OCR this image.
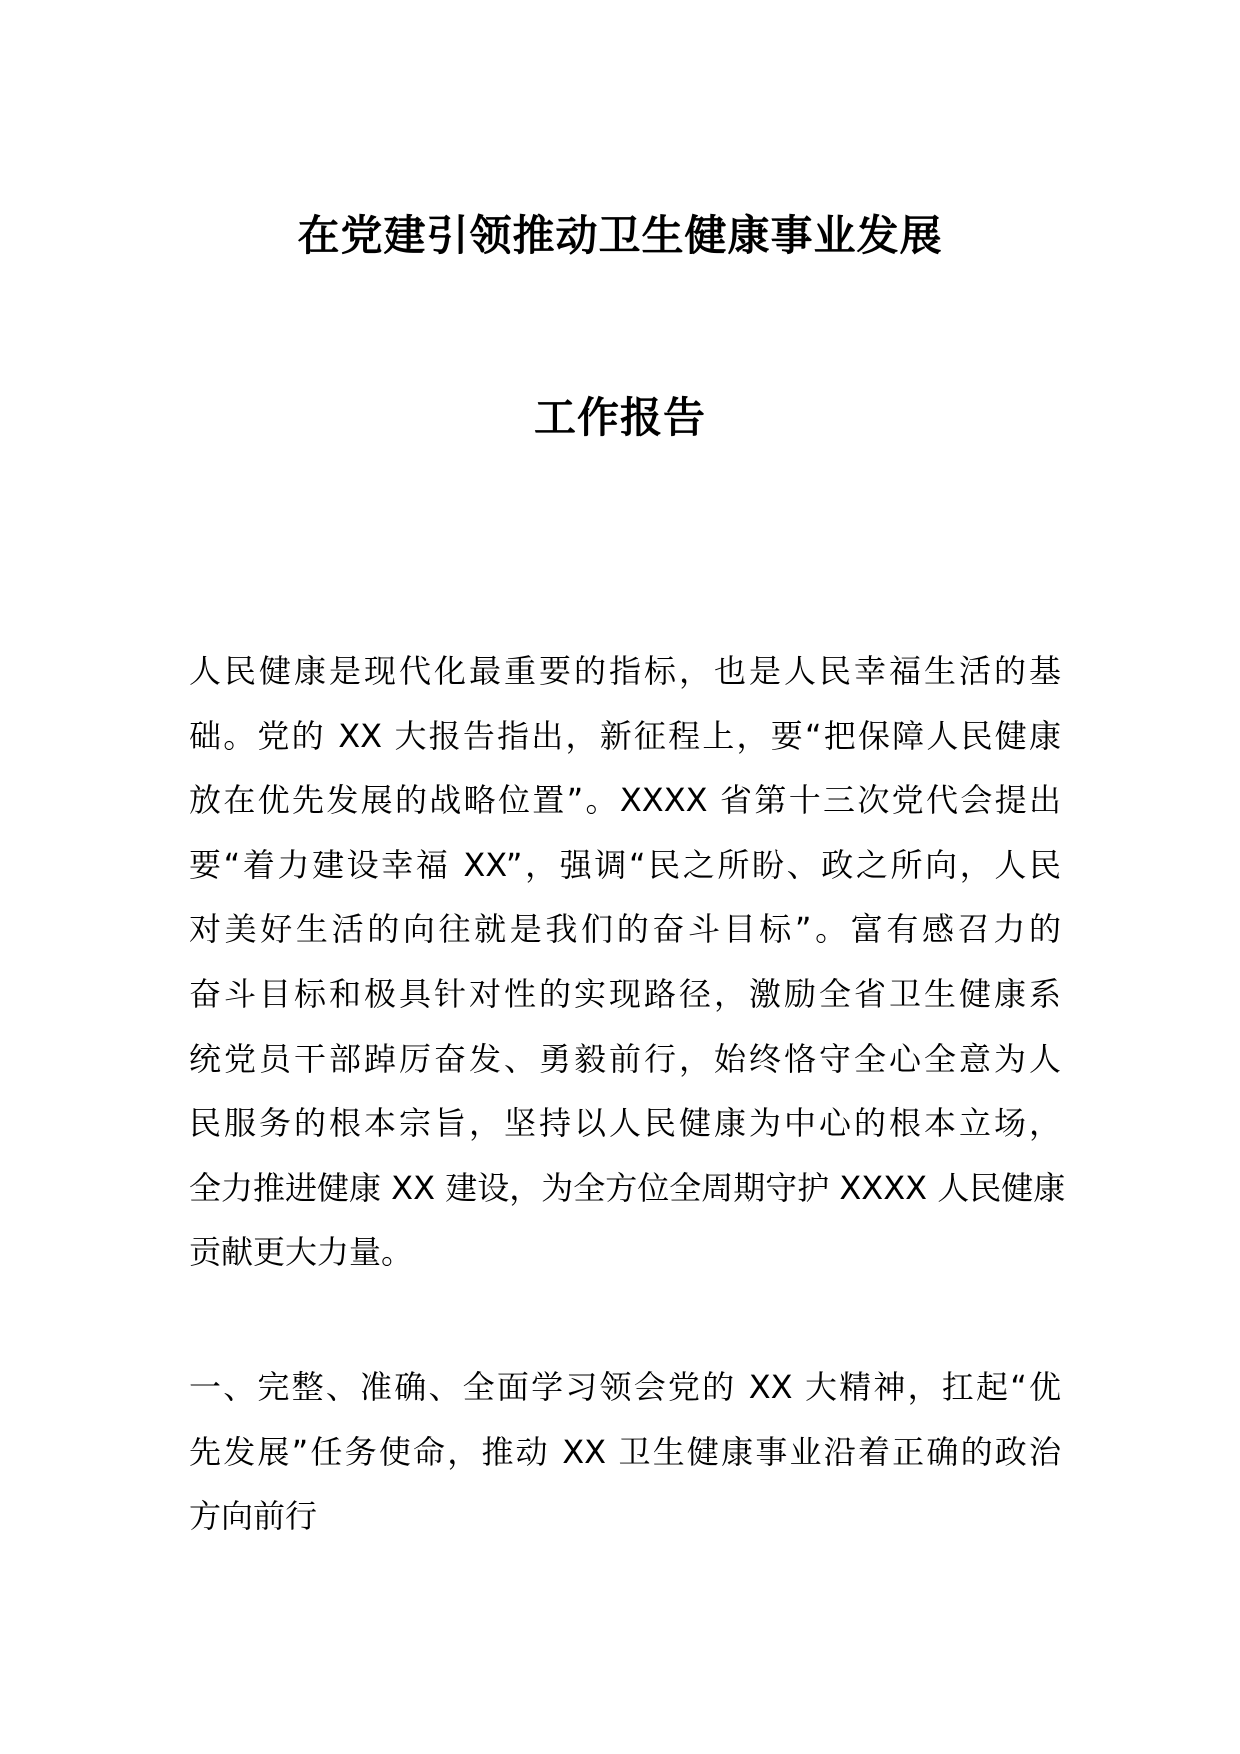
在党建引领推动卫生健康事业发展
工作报告
人民健康是现代化最重要的指标，也是人民幸福生活的基
础。党的 XX 大报告指出，新征程上，要“把保障人民健康
放在优先发展的战略位置”。XXXX 省第十三次党代会提出
要“着力建设幸福 XX”，强调“民之所盼、政之所向，人民
对美好生活的向往就是我们的奋斗目标”。富有感召力的
奋斗目标和极具针对性的实现路径，激励全省卫生健康系
统党员干部踔厉奋发、勇毅前行，始终恪守全心全意为人
民服务的根本宗旨，坚持以人民健康为中心的根本立场，
全力推进健康 XX 建设，为全方位全周期守护 XXXX 人民健康
贡献更大力量。
一、完整、准确、全面学习领会党的 XX 大精神，扛起“优
先发展”任务使命，推动 XX 卫生健康事业沿着正确的政治
方向前行
